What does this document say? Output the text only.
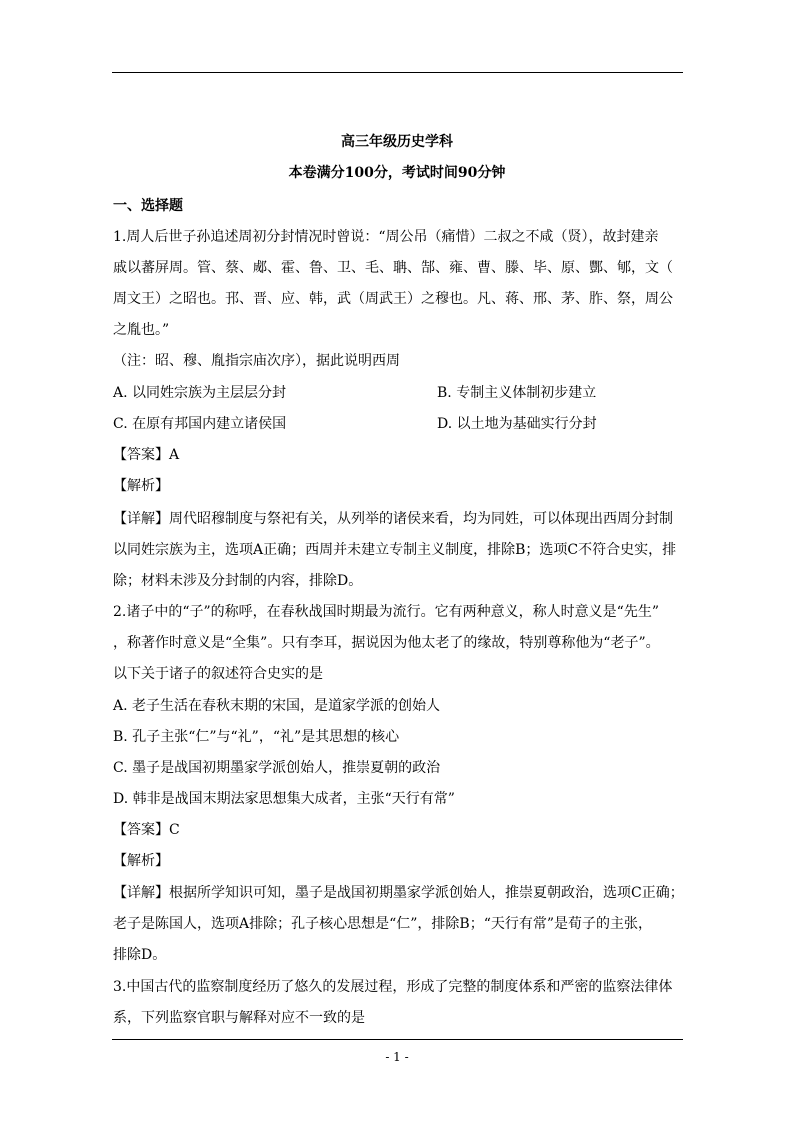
高三年级历史学科
本卷满分100分，考试时间90分钟
一、选择题
1.周人后世子孙追述周初分封情况时曾说：“周公吊（痛惜）二叔之不咸（贤），故封建亲
戚以蕃屏周。管、蔡、郕、霍、鲁、卫、毛、聃、郜、雍、曹、滕、毕、原、酆、郇，文（
周文王）之昭也。邘、晋、应、韩，武（周武王）之穆也。凡、蒋、邢、茅、胙、祭，周公
之胤也。”
（注：昭、穆、胤指宗庙次序），据此说明西周
A. 以同姓宗族为主层层分封	B. 专制主义体制初步建立
C. 在原有邦国内建立诸侯国	D. 以土地为基础实行分封
【答案】A
【解析】
【详解】周代昭穆制度与祭祀有关，从列举的诸侯来看，均为同姓，可以体现出西周分封制
以同姓宗族为主，选项A正确；西周并未建立专制主义制度，排除B；选项C不符合史实，排
除；材料未涉及分封制的内容，排除D。
2.诸子中的“子”的称呼，在春秋战国时期最为流行。它有两种意义，称人时意义是“先生”
，称著作时意义是“全集”。只有李耳，据说因为他太老了的缘故，特别尊称他为“老子”。
以下关于诸子的叙述符合史实的是
A. 老子生活在春秋末期的宋国，是道家学派的创始人
B. 孔子主张“仁”与“礼”，“礼”是其思想的核心
C. 墨子是战国初期墨家学派创始人，推崇夏朝的政治
D. 韩非是战国末期法家思想集大成者，主张“天行有常”
【答案】C
【解析】
【详解】根据所学知识可知，墨子是战国初期墨家学派创始人，推崇夏朝政治，选项C正确；
老子是陈国人，选项A排除；孔子核心思想是“仁”，排除B；“天行有常”是荀子的主张，
排除D。
3.中国古代的监察制度经历了悠久的发展过程，形成了完整的制度体系和严密的监察法律体
系，下列监察官职与解释对应不一致的是
- 1 -
